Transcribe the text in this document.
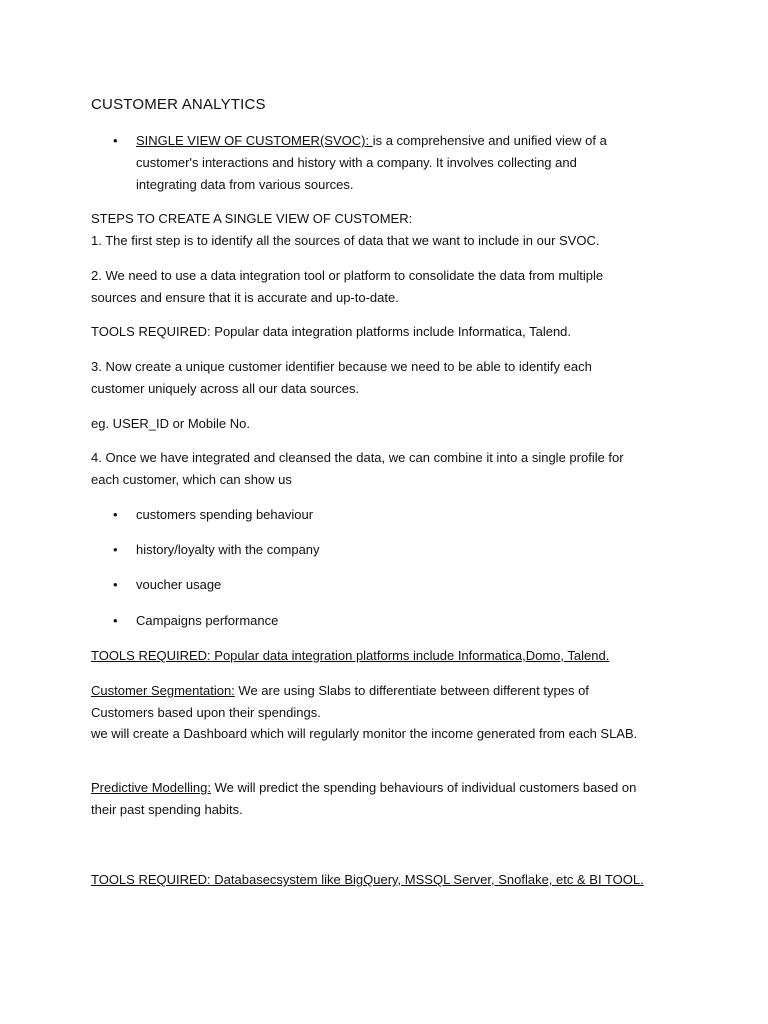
CUSTOMER ANALYTICS
• SINGLE VIEW OF CUSTOMER(SVOC): is a comprehensive and unified view of a
customer's interactions and history with a company. It involves collecting and
integrating data from various sources.
STEPS TO CREATE A SINGLE VIEW OF CUSTOMER:
1. The first step is to identify all the sources of data that we want to include in our SVOC.
2. We need to use a data integration tool or platform to consolidate the data from multiple
sources and ensure that it is accurate and up-to-date.
TOOLS REQUIRED: Popular data integration platforms include Informatica, Talend.
3. Now create a unique customer identifier because we need to be able to identify each
customer uniquely across all our data sources.
eg. USER_ID or Mobile No.
4. Once we have integrated and cleansed the data, we can combine it into a single profile for
each customer, which can show us
• customers spending behaviour
• history/loyalty with the company
• voucher usage
• Campaigns performance
TOOLS REQUIRED: Popular data integration platforms include Informatica,Domo, Talend.
Customer Segmentation: We are using Slabs to differentiate between different types of
Customers based upon their spendings.
we will create a Dashboard which will regularly monitor the income generated from each SLAB.
Predictive Modelling: We will predict the spending behaviours of individual customers based on
their past spending habits.
TOOLS REQUIRED: Databasecsystem like BigQuery, MSSQL Server, Snoflake, etc & BI TOOL.
